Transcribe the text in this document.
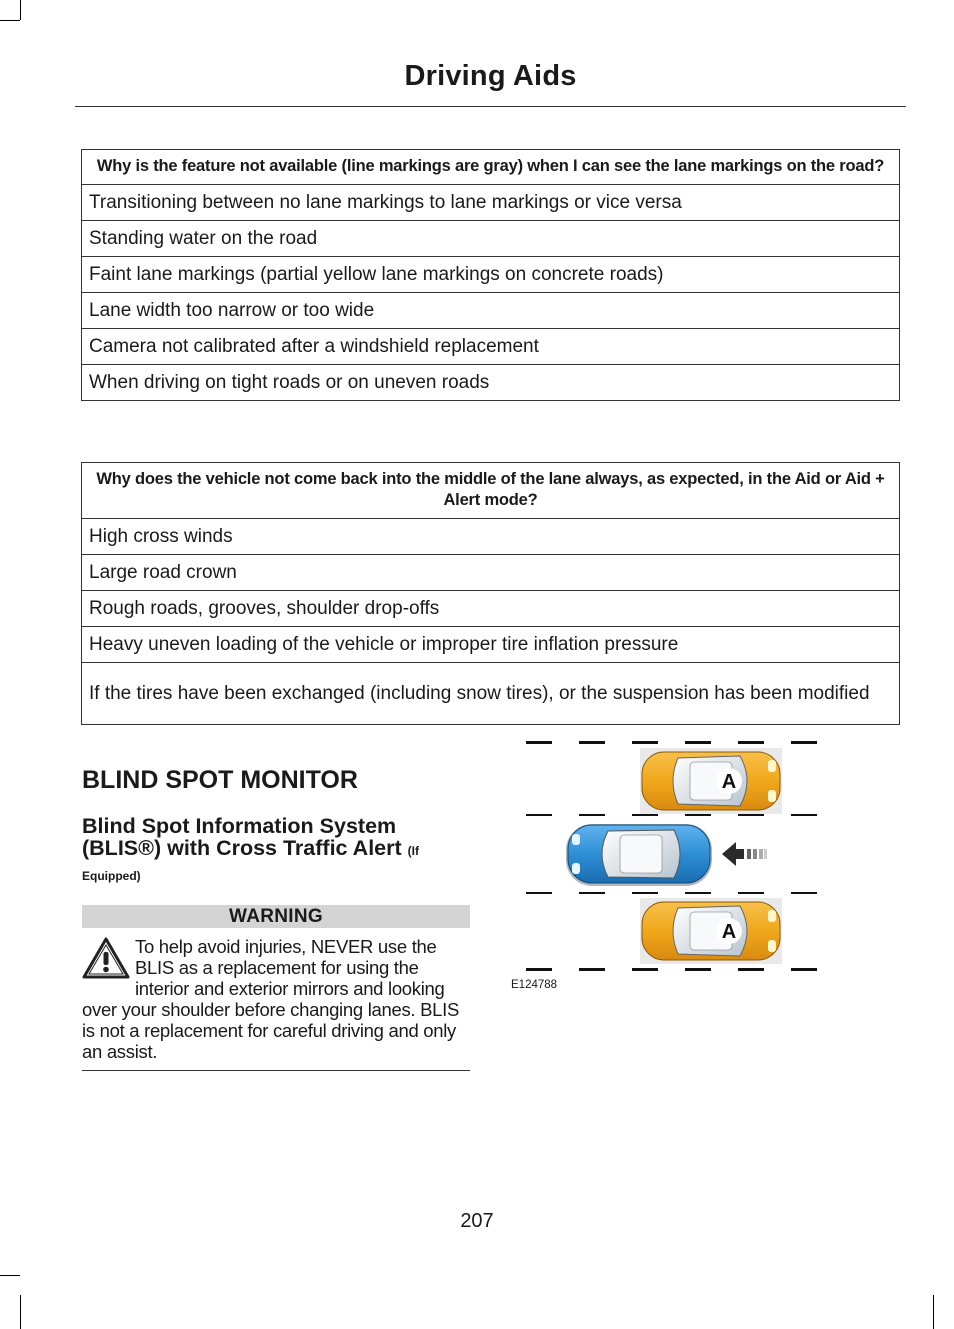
Driving Aids
Why is the feature not available (line markings are gray) when I can see the lane markings on the road?
Transitioning between no lane markings to lane markings or vice versa
Standing water on the road
Faint lane markings (partial yellow lane markings on concrete roads)
Lane width too narrow or too wide
Camera not calibrated after a windshield replacement
When driving on tight roads or on uneven roads
Why does the vehicle not come back into the middle of the lane always, as expected, in the Aid or Aid + Alert mode?
High cross winds
Large road crown
Rough roads, grooves, shoulder drop-offs
Heavy uneven loading of the vehicle or improper tire inflation pressure
If the tires have been exchanged (including snow tires), or the suspension has been modified
BLIND SPOT MONITOR
Blind Spot Information System (BLIS®) with Cross Traffic Alert (If Equipped)
WARNING
To help avoid injuries, NEVER use the BLIS as a replacement for using the interior and exterior mirrors and looking over your shoulder before changing lanes. BLIS is not a replacement for careful driving and only an assist.
A
A
E124788
207
